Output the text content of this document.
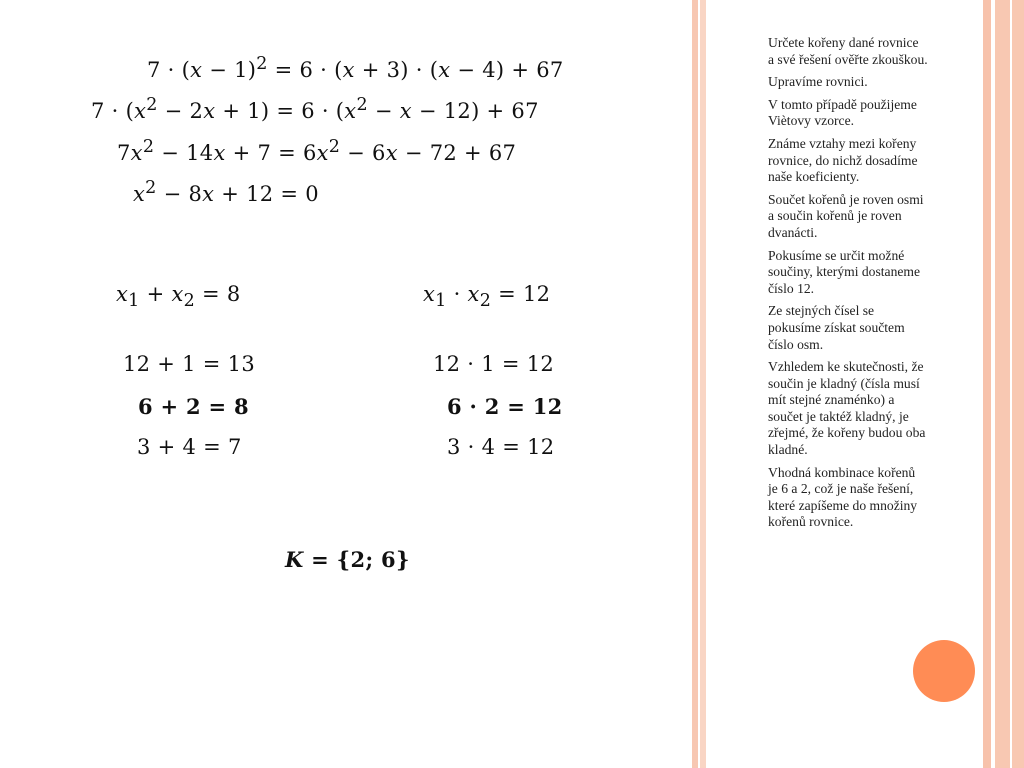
$7 \cdot (x - 1)^2 = 6 \cdot (x + 3) \cdot (x - 4) + 67$
$7 \cdot (x^2 - 2x + 1) = 6 \cdot (x^2 - x - 12) + 67$
$7x^2 - 14x + 7 = 6x^2 - 6x - 72 + 67$
$x^2 - 8x + 12 = 0$
$x_1 + x_2 = 8$	$x_1 \cdot x_2 = 12$
12 + 1 = 13
6 + 2 = 8
3 + 4 = 7
12 · 1 = 12
6 · 2 = 12
3 · 4 = 12
K = {2; 6}

Určete kořeny dané rovnice a své řešení ověřte zkouškou.

Upravíme rovnici.

V tomto případě použijeme Viètovy vzorce.

Známe vztahy mezi kořeny rovnice, do nichž dosadíme naše koeficienty.

Součet kořenů je roven osmi a součin kořenů je roven dvanácti.

Pokusíme se určit možné součiny, kterými dostaneme číslo 12.

Ze stejných čísel se pokusíme získat součtem číslo osm.

Vzhledem ke skutečnosti, že součin je kladný (čísla musí mít stejné znaménko) a součet je taktéž kladný, je zřejmé, že kořeny budou oba kladné.

Vhodná kombinace kořenů je 6 a 2, což je naše řešení, které zapíšeme do množiny kořenů rovnice.
